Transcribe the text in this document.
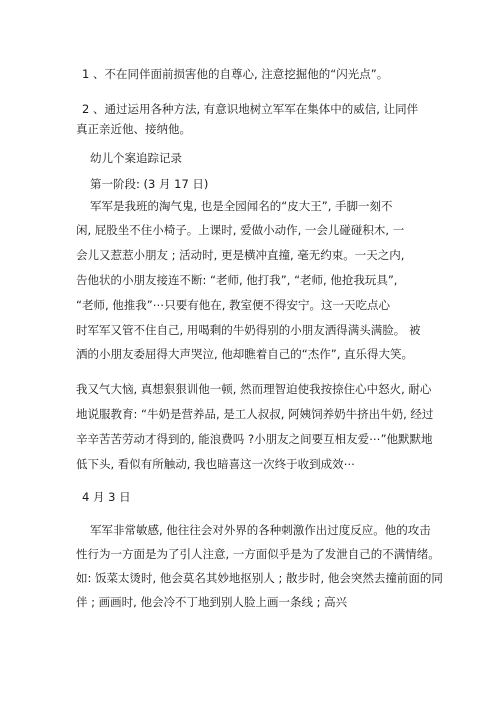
1 、不在同伴面前损害他的自尊心, 注意挖掘他的“闪光点”。
2 、通过运用各种方法, 有意识地树立军军在集体中的威信, 让同伴
真正亲近他、接纳他。
幼儿个案追踪记录
第一阶段: (3 月 17 日)
军军是我班的淘气鬼, 也是全园闻名的“皮大王”, 手脚一刻不
闲, 屁股坐不住小椅子。上课时, 爱做小动作, 一会儿碰碰积木, 一
会儿又惹惹小朋友 ; 活动时, 更是横冲直撞, 毫无约束。一天之内,
告他状的小朋友接连不断: “老师, 他打我”, “老师, 他抢我玩具”,
“老师, 他推我”⋯只要有他在, 教室便不得安宁。这一天吃点心
时军军又管不住自己, 用喝剩的牛奶得别的小朋友洒得满头满脸。 被
洒的小朋友委屈得大声哭泣, 他却瞧着自己的“杰作”, 直乐得大笑。
我又气大恼, 真想狠狠训他一顿, 然而理智迫使我按捺住心中怒火, 耐心
地说服教育: “牛奶是营养品, 是工人叔叔, 阿姨饲养奶牛挤出牛奶, 经过
辛辛苦苦劳动才得到的, 能浪费吗 ?小朋友之间要互相友爱⋯”他默默地
低下头, 看似有所触动, 我也暗喜这一次终于收到成效⋯
4 月 3 日
军军非常敏感, 他往往会对外界的各种刺激作出过度反应。他的攻击
性行为一方面是为了引人注意, 一方面似乎是为了发泄自己的不满情绪。
如: 饭菜太烫时, 他会莫名其妙地抠别人 ; 散步时, 他会突然去撞前面的同
伴 ; 画画时, 他会冷不丁地到别人脸上画一条线 ; 高兴
